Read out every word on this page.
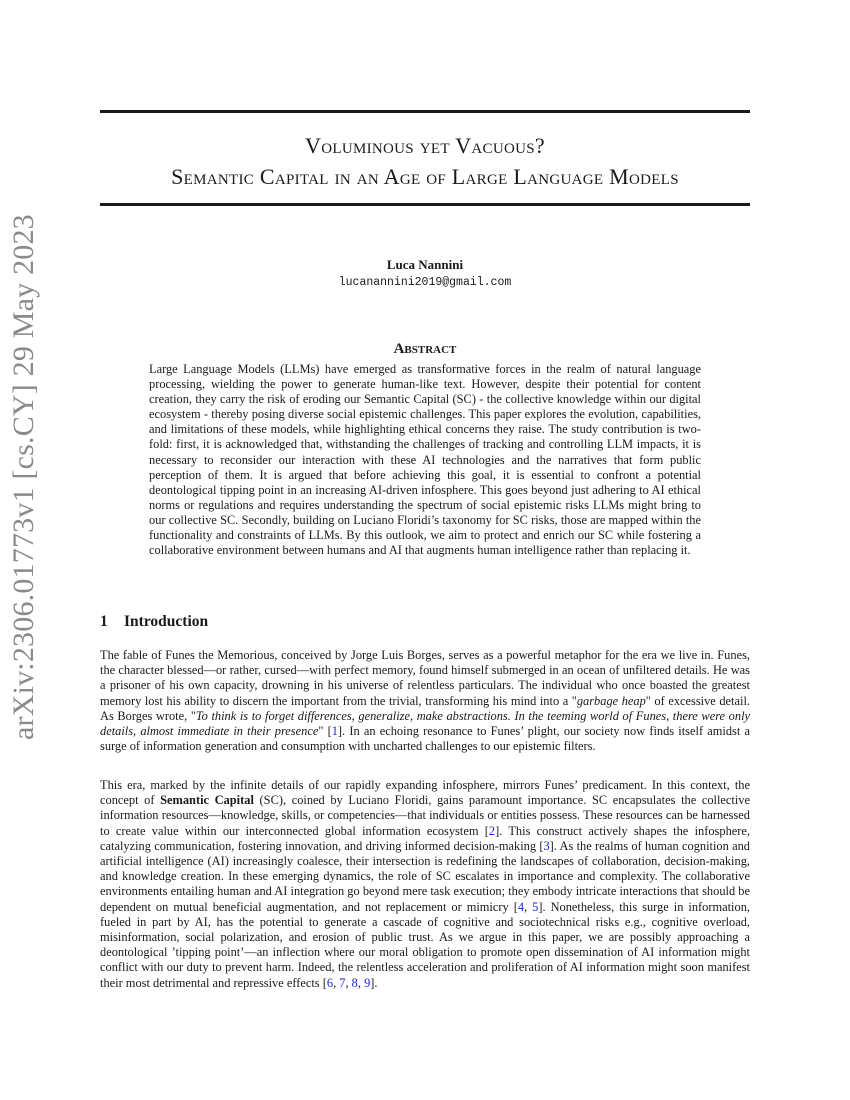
arXiv:2306.01773v1 [cs.CY] 29 May 2023
Voluminous yet Vacuous?
Semantic Capital in an Age of Large Language Models
Luca Nannini
lucanannini2019@gmail.com
Abstract
Large Language Models (LLMs) have emerged as transformative forces in the realm of natural language processing, wielding the power to generate human-like text. However, despite their potential for content creation, they carry the risk of eroding our Semantic Capital (SC) - the collective knowledge within our digital ecosystem - thereby posing diverse social epistemic challenges. This paper explores the evolution, capabilities, and limitations of these models, while highlighting ethical concerns they raise. The study contribution is two-fold: first, it is acknowledged that, withstanding the challenges of tracking and controlling LLM impacts, it is necessary to reconsider our interaction with these AI technologies and the narratives that form public perception of them. It is argued that before achieving this goal, it is essential to confront a potential deontological tipping point in an increasing AI-driven infosphere. This goes beyond just adhering to AI ethical norms or regulations and requires understanding the spectrum of social epistemic risks LLMs might bring to our collective SC. Secondly, building on Luciano Floridi’s taxonomy for SC risks, those are mapped within the functionality and constraints of LLMs. By this outlook, we aim to protect and enrich our SC while fostering a collaborative environment between humans and AI that augments human intelligence rather than replacing it.
1 Introduction
The fable of Funes the Memorious, conceived by Jorge Luis Borges, serves as a powerful metaphor for the era we live in. Funes, the character blessed—or rather, cursed—with perfect memory, found himself submerged in an ocean of unfiltered details. He was a prisoner of his own capacity, drowning in his universe of relentless particulars. The individual who once boasted the greatest memory lost his ability to discern the important from the trivial, transforming his mind into a "garbage heap" of excessive detail. As Borges wrote, "To think is to forget differences, generalize, make abstractions. In the teeming world of Funes, there were only details, almost immediate in their presence" [1]. In an echoing resonance to Funes’ plight, our society now finds itself amidst a surge of information generation and consumption with uncharted challenges to our epistemic filters.
This era, marked by the infinite details of our rapidly expanding infosphere, mirrors Funes’ predicament. In this context, the concept of Semantic Capital (SC), coined by Luciano Floridi, gains paramount importance. SC encapsulates the collective information resources—knowledge, skills, or competencies—that individuals or entities possess. These resources can be harnessed to create value within our interconnected global information ecosystem [2]. This construct actively shapes the infosphere, catalyzing communication, fostering innovation, and driving informed decision-making [3]. As the realms of human cognition and artificial intelligence (AI) increasingly coalesce, their intersection is redefining the landscapes of collaboration, decision-making, and knowledge creation. In these emerging dynamics, the role of SC escalates in importance and complexity. The collaborative environments entailing human and AI integration go beyond mere task execution; they embody intricate interactions that should be dependent on mutual beneficial augmentation, and not replacement or mimicry [4, 5]. Nonetheless, this surge in information, fueled in part by AI, has the potential to generate a cascade of cognitive and sociotechnical risks e.g., cognitive overload, misinformation, social polarization, and erosion of public trust. As we argue in this paper, we are possibly approaching a deontological ’tipping point’—an inflection where our moral obligation to promote open dissemination of AI information might conflict with our duty to prevent harm. Indeed, the relentless acceleration and proliferation of AI information might soon manifest their most detrimental and repressive effects [6, 7, 8, 9].
